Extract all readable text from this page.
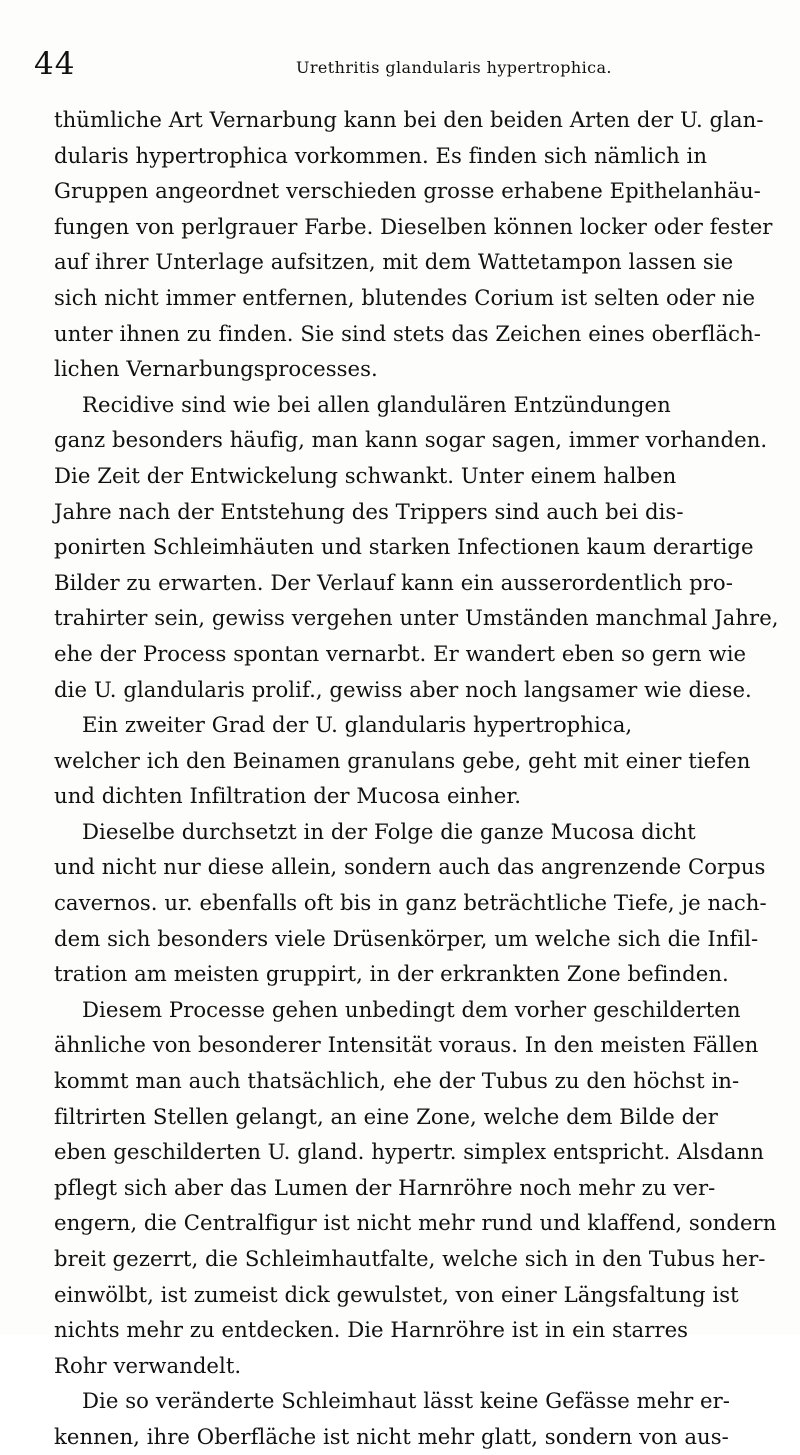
44	Urethritis glandularis hypertrophica.
thümliche Art Vernarbung kann bei den beiden Arten der U. glan-
dularis hypertrophica vorkommen. Es finden sich nämlich in
Gruppen angeordnet verschieden grosse erhabene Epithelanhäu-
fungen von perlgrauer Farbe. Dieselben können locker oder fester
auf ihrer Unterlage aufsitzen, mit dem Wattetampon lassen sie
sich nicht immer entfernen, blutendes Corium ist selten oder nie
unter ihnen zu finden. Sie sind stets das Zeichen eines oberfläch-
lichen Vernarbungsprocesses.
Recidive sind wie bei allen glandulären Entzündungen
ganz besonders häufig, man kann sogar sagen, immer vorhanden.
Die Zeit der Entwickelung schwankt. Unter einem halben
Jahre nach der Entstehung des Trippers sind auch bei dis-
ponirten Schleimhäuten und starken Infectionen kaum derartige
Bilder zu erwarten. Der Verlauf kann ein ausserordentlich pro-
trahirter sein, gewiss vergehen unter Umständen manchmal Jahre,
ehe der Process spontan vernarbt. Er wandert eben so gern wie
die U. glandularis prolif., gewiss aber noch langsamer wie diese.
Ein zweiter Grad der U. glandularis hypertrophica,
welcher ich den Beinamen granulans gebe, geht mit einer tiefen
und dichten Infiltration der Mucosa einher.
Dieselbe durchsetzt in der Folge die ganze Mucosa dicht
und nicht nur diese allein, sondern auch das angrenzende Corpus
cavernos. ur. ebenfalls oft bis in ganz beträchtliche Tiefe, je nach-
dem sich besonders viele Drüsenkörper, um welche sich die Infil-
tration am meisten gruppirt, in der erkrankten Zone befinden.
Diesem Processe gehen unbedingt dem vorher geschilderten
ähnliche von besonderer Intensität voraus. In den meisten Fällen
kommt man auch thatsächlich, ehe der Tubus zu den höchst in-
filtrirten Stellen gelangt, an eine Zone, welche dem Bilde der
eben geschilderten U. gland. hypertr. simplex entspricht. Alsdann
pflegt sich aber das Lumen der Harnröhre noch mehr zu ver-
engern, die Centralfigur ist nicht mehr rund und klaffend, sondern
breit gezerrt, die Schleimhautfalte, welche sich in den Tubus her-
einwölbt, ist zumeist dick gewulstet, von einer Längsfaltung ist
nichts mehr zu entdecken. Die Harnröhre ist in ein starres
Rohr verwandelt.
Die so veränderte Schleimhaut lässt keine Gefässe mehr er-
kennen, ihre Oberfläche ist nicht mehr glatt, sondern von aus-
